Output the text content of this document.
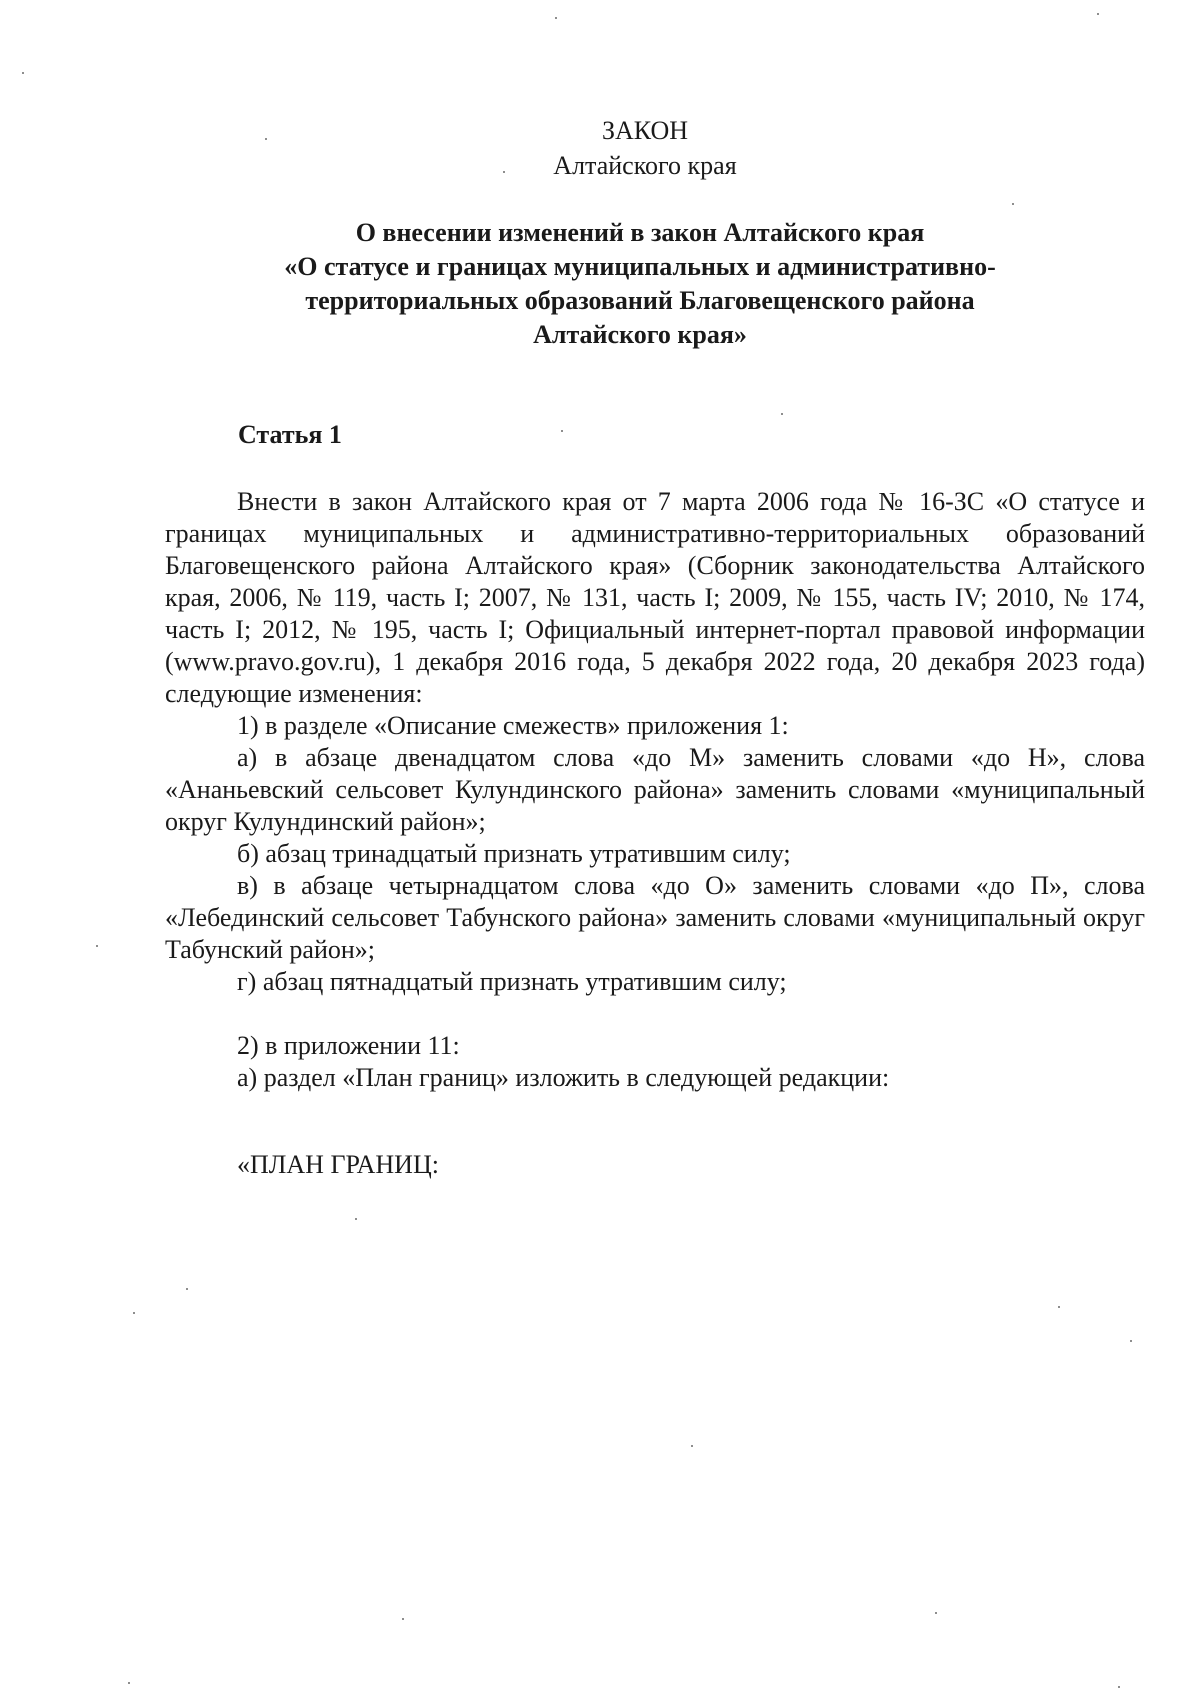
ЗАКОН
Алтайского края
О внесении изменений в закон Алтайского края
«О статусе и границах муниципальных и административно-
территориальных образований Благовещенского района
Алтайского края»
Статья 1

Внести в закон Алтайского края от 7 марта 2006 года № 16-ЗС «О статусе и границах муниципальных и административно-территориальных образований Благовещенского района Алтайского края» (Сборник законодательства Алтайского края, 2006, № 119, часть I; 2007, № 131, часть I; 2009, № 155, часть IV; 2010, № 174, часть I; 2012, № 195, часть I; Официальный интернет-портал правовой информации (www.pravo.gov.ru), 1 декабря 2016 года, 5 декабря 2022 года, 20 декабря 2023 года) следующие изменения:

1) в разделе «Описание смежеств» приложения 1:

а) в абзаце двенадцатом слова «до М» заменить словами «до Н», слова «Ананьевский сельсовет Кулундинского района» заменить словами «муниципальный округ Кулундинский район»;

б) абзац тринадцатый признать утратившим силу;

в) в абзаце четырнадцатом слова «до О» заменить словами «до П», слова «Лебединский сельсовет Табунского района» заменить словами «муниципальный округ Табунский район»;

г) абзац пятнадцатый признать утратившим силу;

2) в приложении 11:

а) раздел «План границ» изложить в следующей редакции:

«ПЛАН ГРАНИЦ:
